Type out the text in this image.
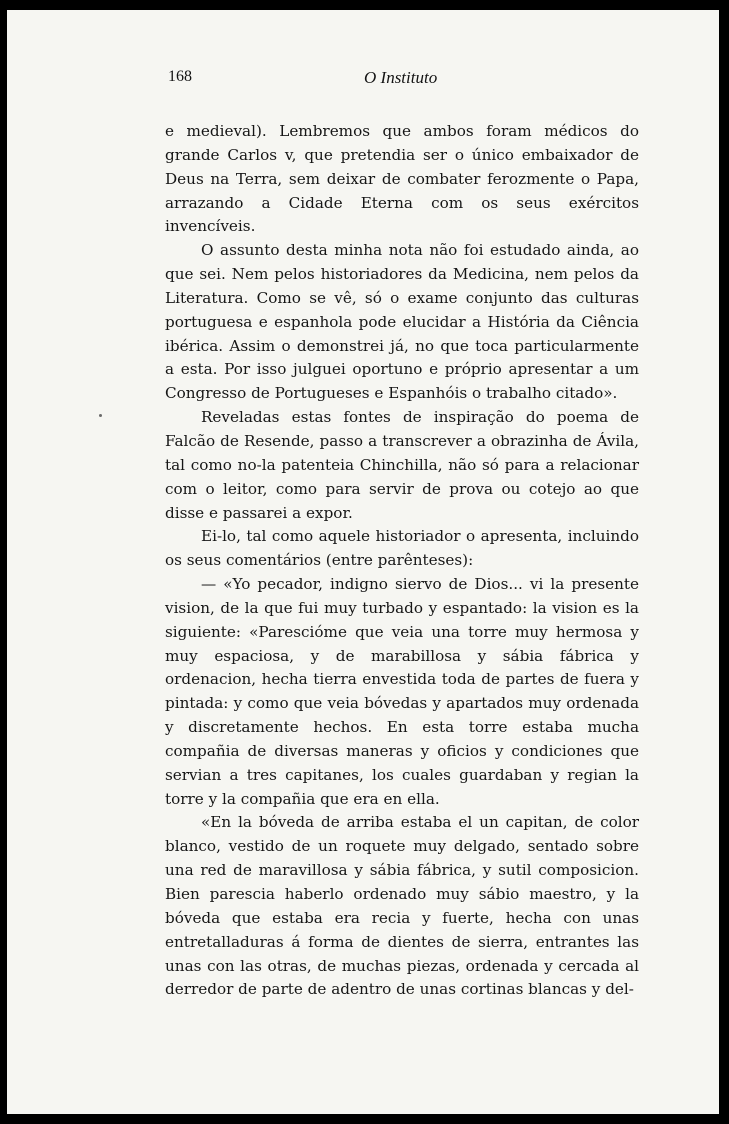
168	O Instituto

e medieval). Lembremos que ambos foram médicos do grande Carlos v, que pretendia ser o único embaixador de Deus na Terra, sem deixar de combater ferozmente o Papa, arrazando a Cidade Eterna com os seus exércitos invencíveis.

O assunto desta minha nota não foi estudado ainda, ao que sei. Nem pelos historiadores da Medicina, nem pelos da Literatura. Como se vê, só o exame conjunto das culturas portuguesa e espanhola pode elucidar a História da Ciência ibérica. Assim o demonstrei já, no que toca particularmente a esta. Por isso julguei oportuno e próprio apresentar a um Congresso de Portugueses e Espanhóis o trabalho citado».

Reveladas estas fontes de inspiração do poema de Falcão de Resende, passo a transcrever a obrazinha de Ávila, tal como no-la patenteia Chinchilla, não só para a relacionar com o leitor, como para servir de prova ou cotejo ao que disse e passarei a expor.

Ei-lo, tal como aquele historiador o apresenta, incluindo os seus comentários (entre parênteses):

— «Yo pecador, indigno siervo de Dios... vi la presente vision, de la que fui muy turbado y espantado: la vision es la siguiente: «Parescióme que veia una torre muy hermosa y muy espaciosa, y de marabillosa y sábia fábrica y ordenacion, hecha tierra envestida toda de partes de fuera y pintada: y como que veia bóvedas y apartados muy ordenada y discretamente hechos. En esta torre estaba mucha compañia de diversas maneras y oficios y condiciones que servian a tres capitanes, los cuales guardaban y regian la torre y la compañia que era en ella.

«En la bóveda de arriba estaba el un capitan, de color blanco, vestido de un roquete muy delgado, sentado sobre una red de maravillosa y sábia fábrica, y sutil composicion. Bien parescia haberlo ordenado muy sábio maestro, y la bóveda que estaba era recia y fuerte, hecha con unas entretalladuras á forma de dientes de sierra, entrantes las unas con las otras, de muchas piezas, ordenada y cercada al derredor de parte de adentro de unas cortinas blancas y del-
